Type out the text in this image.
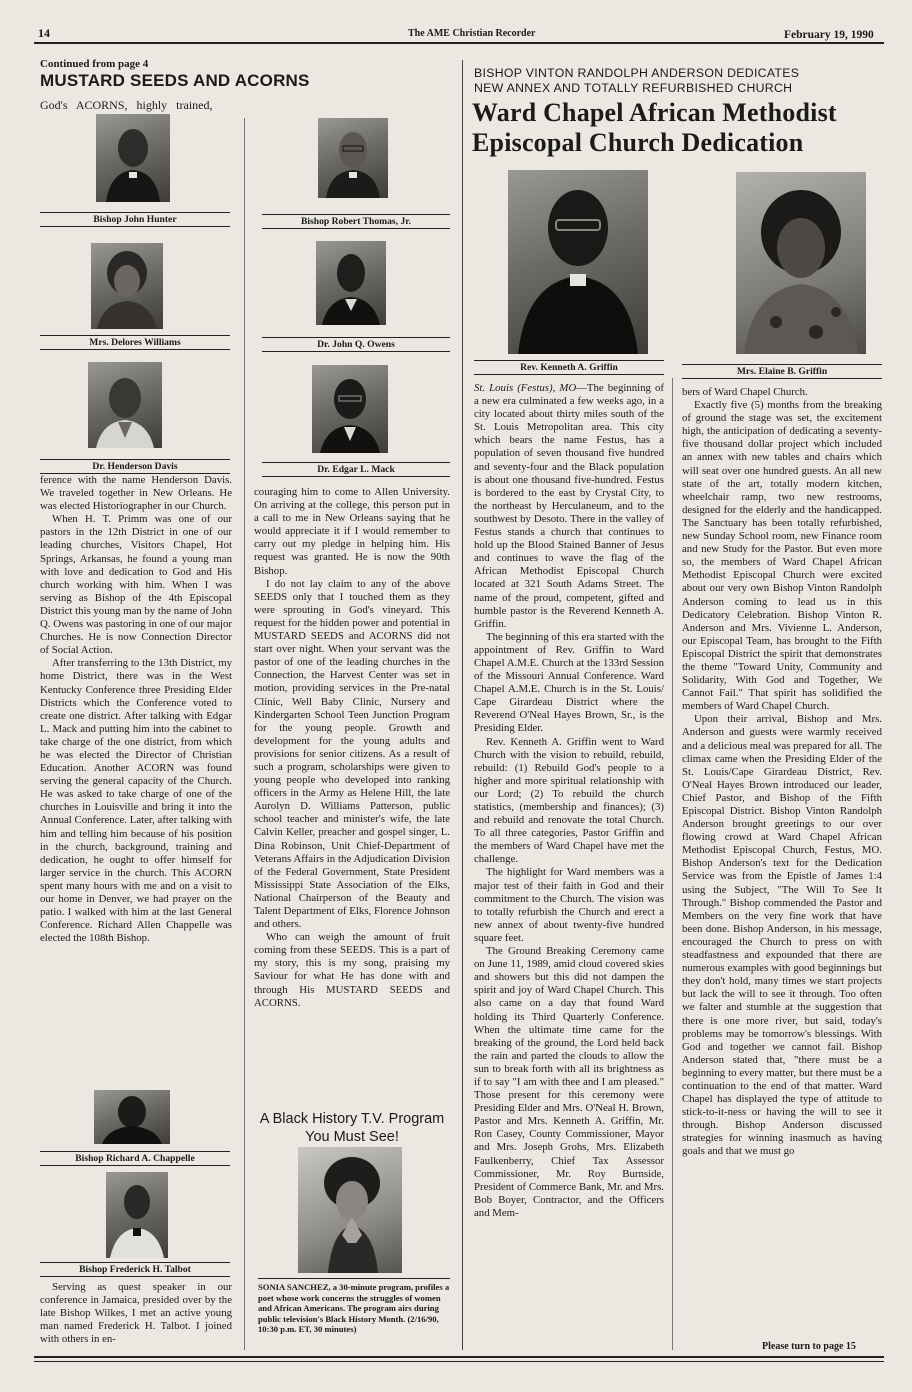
14	The AME Christian Recorder	February 19, 1990
Continued from page 4
MUSTARD SEEDS AND ACORNS
God's ACORNS, highly trained,
Bishop John Hunter	Bishop Robert Thomas, Jr.
Mrs. Delores Williams	Dr. John Q. Owens
Dr. Henderson Davis	Dr. Edgar L. Mack

ference with the name Henderson Davis. We traveled together in New Orleans. He was elected Historiographer in our Church.

When H. T. Primm was one of our pastors in the 12th District in one of our leading churches, Visitors Chapel, Hot Springs, Arkansas, he found a young man with love and dedication to God and His church working with him. When I was serving as Bishop of the 4th Episcopal District this young man by the name of John Q. Owens was pastoring in one of our major Churches. He is now Connection Director of Social Action.

After transferring to the 13th District, my home District, there was in the West Kentucky Conference three Presiding Elder Districts which the Conference voted to create one district. After talking with Edgar L. Mack and putting him into the cabinet to take charge of the one district, from which he was elected the Director of Christian Education. Another ACORN was found serving the general capacity of the Church. He was asked to take charge of one of the churches in Louisville and bring it into the Annual Conference. Later, after talking with him and telling him because of his position in the church, background, training and dedication, he ought to offer himself for larger service in the church. This ACORN spent many hours with me and on a visit to our home in Denver, we had prayer on the patio. I walked with him at the last General Conference. Richard Allen Chappelle was elected the 108th Bishop.

Bishop Richard A. Chappelle
Bishop Frederick H. Talbot

Serving as quest speaker in our conference in Jamaica, presided over by the late Bishop Wilkes, I met an active young man named Frederick H. Talbot. I joined with others in en-

couraging him to come to Allen University. On arriving at the college, this person put in a call to me in New Orleans saying that he would appreciate it if I would remember to carry out my pledge in helping him. His request was granted. He is now the 90th Bishop.

I do not lay claim to any of the above SEEDS only that I touched them as they were sprouting in God's vineyard. This request for the hidden power and potential in MUSTARD SEEDS and ACORNS did not start over night. When your servant was the pastor of one of the leading churches in the Connection, the Harvest Center was set in motion, providing services in the Pre-natal Clinic, Well Baby Clinic, Nursery and Kindergarten School Teen Junction Program for the young people. Growth and development for the young adults and provisions for senior citizens. As a result of such a program, scholarships were given to young people who developed into ranking officers in the Army as Helene Hill, the late Aurolyn D. Williams Patterson, public school teacher and minister's wife, the late Calvin Keller, preacher and gospel singer, L. Dina Robinson, Unit Chief-Department of Veterans Affairs in the Adjudication Division of the Federal Government, State President Mississippi State Association of the Elks, National Chairperson of the Beauty and Talent Department of Elks, Florence Johnson and others.

Who can weigh the amount of fruit coming from these SEEDS. This is a part of my story, this is my song, praising my Saviour for what He has done with and through His MUSTARD SEEDS and ACORNS.

A Black History T.V. Program You Must See!
SONIA SANCHEZ, a 30-minute program, profiles a poet whose work concerns the struggles of women and African Americans. The program airs during public television's Black History Month. (2/16/90, 10:30 p.m. ET, 30 minutes)
BISHOP VINTON RANDOLPH ANDERSON DEDICATES
NEW ANNEX AND TOTALLY REFURBISHED CHURCH
Ward Chapel African Methodist
Episcopal Church Dedication
Rev. Kenneth A. Griffin	Mrs. Elaine B. Griffin

St. Louis (Festus), MO—The beginning of a new era culminated a few weeks ago, in a city located about thirty miles south of the St. Louis Metropolitan area. This city which bears the name Festus, has a population of seven thousand five hundred and seventy-four and the Black population is about one thousand five-hundred. Festus is bordered to the east by Crystal City, to the northeast by Herculaneum, and to the southwest by Desoto. There in the valley of Festus stands a church that continues to hold up the Blood Stained Banner of Jesus and continues to wave the flag of the African Methodist Episcopal Church located at 321 South Adams Street. The name of the proud, competent, gifted and humble pastor is the Reverend Kenneth A. Griffin.

The beginning of this era started with the appointment of Rev. Griffin to Ward Chapel A.M.E. Church at the 133rd Session of the Missouri Annual Conference. Ward Chapel A.M.E. Church is in the St. Louis/ Cape Girardeau District where the Reverend O'Neal Hayes Brown, Sr., is the Presiding Elder.

Rev. Kenneth A. Griffin went to Ward Church with the vision to rebuild, rebuild, rebuild: (1) Rebuild God's people to a higher and more spiritual relationship with our Lord; (2) To rebuild the church statistics, (membership and finances); (3) and rebuild and renovate the total Church. To all three categories, Pastor Griffin and the members of Ward Chapel have met the challenge.

The highlight for Ward members was a major test of their faith in God and their commitment to the Church. The vision was to totally refurbish the Church and erect a new annex of about twenty-five hundred square feet.

The Ground Breaking Ceremony came on June 11, 1989, amid cloud covered skies and showers but this did not dampen the spirit and joy of Ward Chapel Church. This also came on a day that found Ward holding its Third Quarterly Conference. When the ultimate time came for the breaking of the ground, the Lord held back the rain and parted the clouds to allow the sun to break forth with all its brightness as if to say "I am with thee and I am pleased." Those present for this ceremony were Presiding Elder and Mrs. O'Neal H. Brown, Pastor and Mrs. Kenneth A. Griffin, Mr. Ron Casey, County Commissioner, Mayor and Mrs. Joseph Grohs, Mrs. Elizabeth Faulkenberry, Chief Tax Assessor Commissioner, Mr. Roy Burnside, President of Commerce Bank, Mr. and Mrs. Bob Boyer, Contractor, and the Officers and Mem-

bers of Ward Chapel Church.

Exactly five (5) months from the breaking of ground the stage was set, the excitement high, the anticipation of dedicating a seventy-five thousand dollar project which included an annex with new tables and chairs which will seat over one hundred guests. An all new state of the art, totally modern kitchen, wheelchair ramp, two new restrooms, designed for the elderly and the handicapped. The Sanctuary has been totally refurbished, new Sunday School room, new Finance room and new Study for the Pastor. But even more so, the members of Ward Chapel African Methodist Episcopal Church were excited about our very own Bishop Vinton Randolph Anderson coming to lead us in this Dedicatory Celebration. Bishop Vinton R. Anderson and Mrs. Vivienne L. Anderson, our Episcopal Team, has brought to the Fifth Episcopal District the spirit that demonstrates the theme "Toward Unity, Community and Solidarity, With God and Together, We Cannot Fail." That spirit has solidified the members of Ward Chapel Church.

Upon their arrival, Bishop and Mrs. Anderson and guests were warmly received and a delicious meal was prepared for all. The climax came when the Presiding Elder of the St. Louis/Cape Girardeau District, Rev. O'Neal Hayes Brown introduced our leader, Chief Pastor, and Bishop of the Fifth Episcopal District. Bishop Vinton Randolph Anderson brought greetings to our over flowing crowd at Ward Chapel African Methodist Episcopal Church, Festus, MO. Bishop Anderson's text for the Dedication Service was from the Epistle of James 1:4 using the Subject, "The Will To See It Through." Bishop commended the Pastor and Members on the very fine work that have been done. Bishop Anderson, in his message, encouraged the Church to press on with steadfastness and expounded that there are numerous examples with good beginnings but they don't hold, many times we start projects but lack the will to see it through. Too often we falter and stumble at the suggestion that there is one more river, but said, today's problems may be tomorrow's blessings. With God and together we cannot fail. Bishop Anderson stated that, "there must be a beginning to every matter, but there must be a continuation to the end of that matter. Ward Chapel has displayed the type of attitude to stick-to-it-ness or having the will to see it through. Bishop Anderson discussed strategies for winning inasmuch as having goals and that we must go

Please turn to page 15
